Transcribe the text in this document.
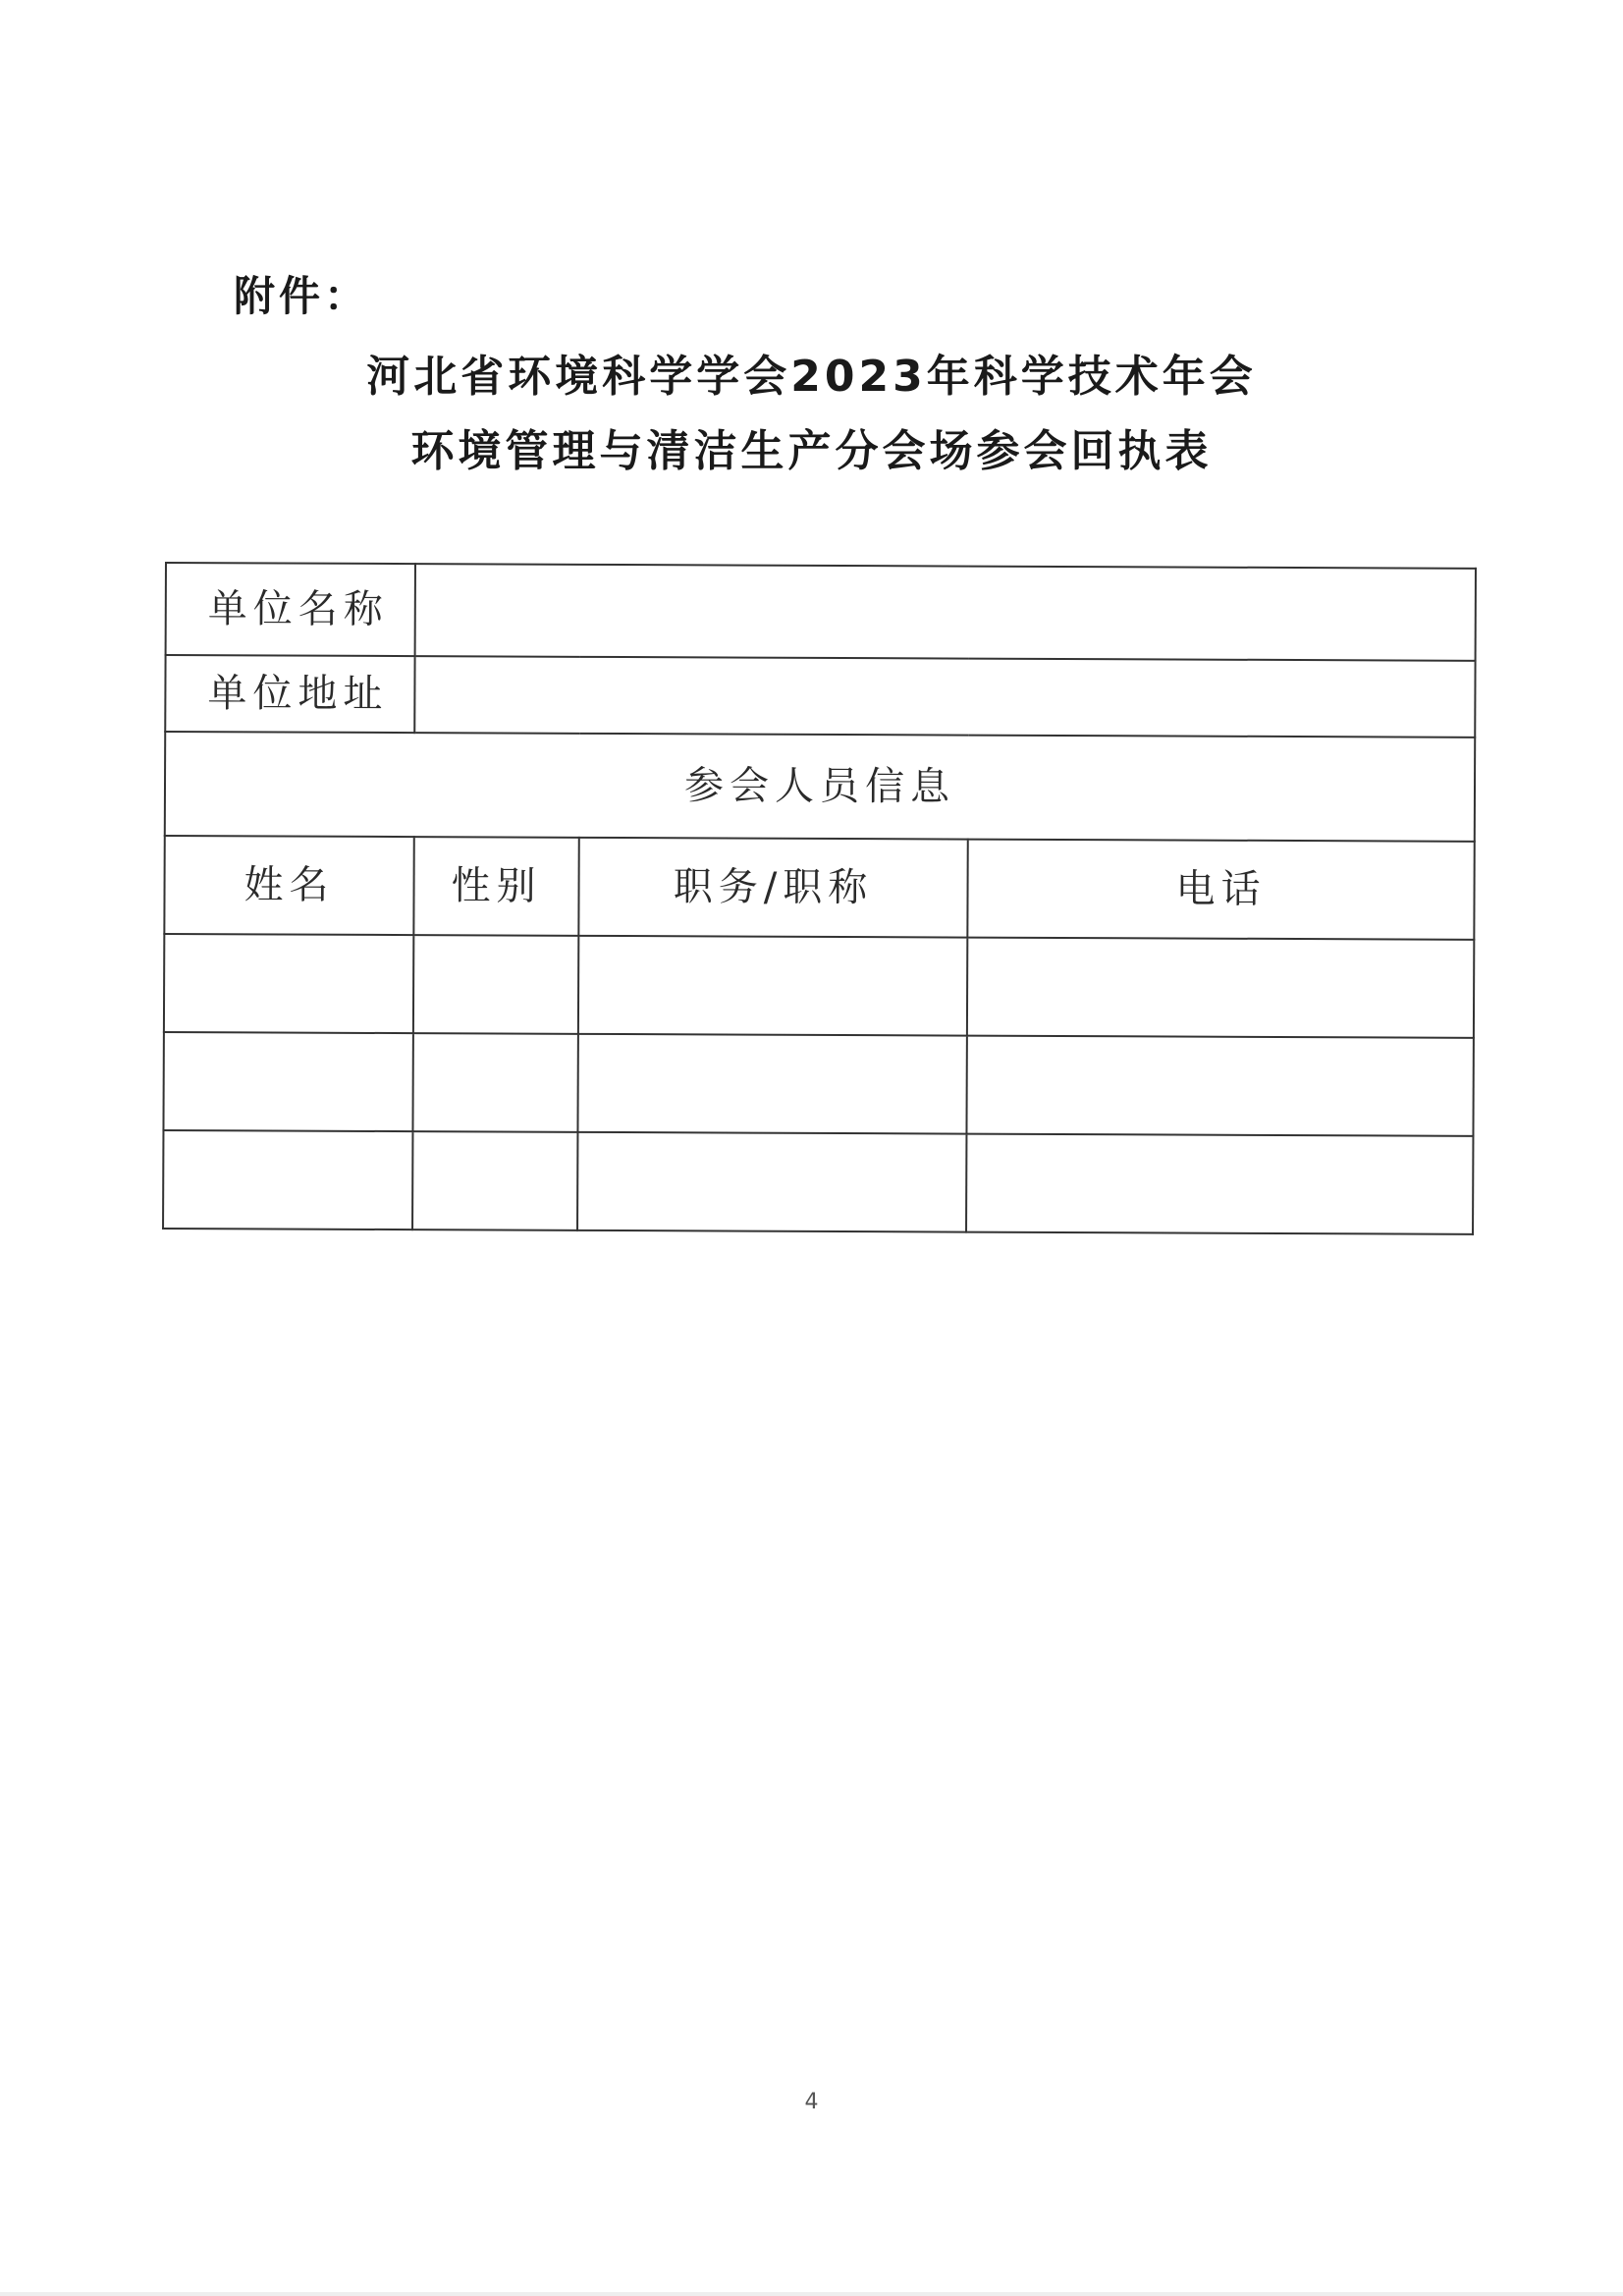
附件：
河北省环境科学学会2023年科学技术年会
环境管理与清洁生产分会场参会回执表
单位名称			
单位地址			
参会人员信息			
姓名	性别	职务/职称	电话

4
